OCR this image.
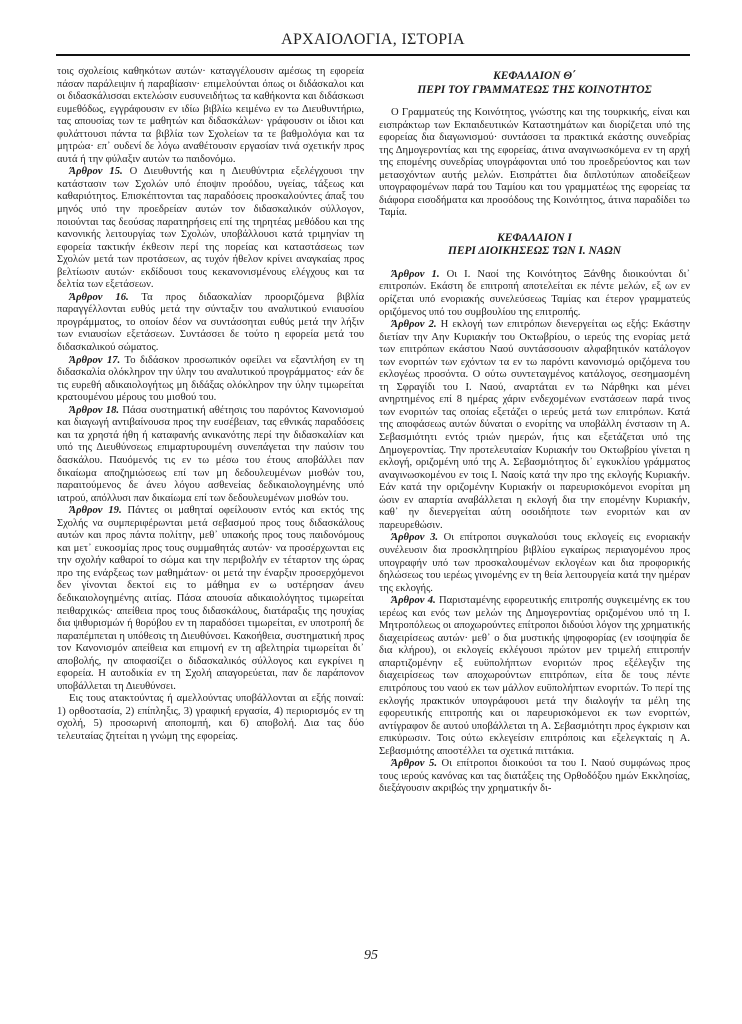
ΑΡΧΑΙΟΛΟΓΙΑ, ΙΣΤΟΡΙΑ

τοις σχολείοις καθηκότων αυτών· καταγγέλουσιν αμέσως τη εφορεία πάσαν παράλειψιν ή παραβίασιν· επιμελούνται όπως οι διδάσκαλοι και οι διδασκάλισσαι εκτελώσιν ευσυνειδήτως τα καθήκοντα και διδάσκωσι ευμεθόδως, εγγράφουσιν εν ιδίω βιβλίω κειμένω εν τω Διευθυντήριω, τας απουσίας των τε μαθητών και διδασκάλων· γράφουσιν οι ίδιοι και φυλάττουσι πάντα τα βιβλία των Σχολείων τα τε βαθμολόγια και τα μητρώα· επ᾽ ουδενί δε λόγω αναθέτουσιν εργασίαν τινά σχετικήν προς αυτά ή την φύλαξιν αυτών τω παιδονόμω.

Άρθρον 15. Ο Διευθυντής και η Διευθύντρια εξελέγχουσι την κατάστασιν των Σχολών υπό έποψιν προόδου, υγείας, τάξεως και καθαριότητος. Επισκέπτονται τας παραδόσεις προσκαλούντες άπαξ του μηνός υπό την προεδρείαν αυτών τον διδασκαλικόν σύλλογον, ποιούνται τας δεούσας παρατηρήσεις επί της τηρητέας μεθόδου και της κανονικής λειτουργίας των Σχολών, υποβάλλουσι κατά τριμηνίαν τη εφορεία τακτικήν έκθεσιν περί της πορείας και καταστάσεως των Σχολών μετά των προτάσεων, ας τυχόν ήθελον κρίνει αναγκαίας προς βελτίωσιν αυτών· εκδίδουσι τους κεκανονισμένους ελέγχους και τα δελτία των εξετάσεων.

Άρθρον 16. Τα προς διδασκαλίαν προοριζόμενα βιβλία παραγγέλλονται ευθύς μετά την σύνταξιν του αναλυτικού ενιαυσίου προγράμματος, το οποίον δέον να συντάσσηται ευθύς μετά την λήξιν των ενιαυσίων εξετάσεων. Συντάσσει δε τούτο η εφορεία μετά του διδασκαλικού σώματος.

Άρθρον 17. Το διδάσκον προσωπικόν οφείλει να εξαντλήση εν τη διδασκαλία ολόκληρον την ύλην του αναλυτικού προγράμματος· εάν δε τις ευρεθή αδικαιολογήτως μη διδάξας ολόκληρον την ύλην τιμωρείται κρατουμένου μέρους του μισθού του.

Άρθρον 18. Πάσα συστηματική αθέτησις του παρόντος Κανονισμού και διαγωγή αντιβαίνουσα προς την ευσέβειαν, τας εθνικάς παραδόσεις και τα χρηστά ήθη ή καταφανής ανικανότης περί την διδασκαλίαν και υπό της Διευθύνσεως επιμαρτυρουμένη συνεπάγεται την παύσιν του δασκάλου. Παυόμενός τις εν τω μέσω του έτους αποβάλλει παν δικαίωμα αποζημιώσεως επί των μη δεδουλευμένων μισθών του, παραιτούμενος δε άνευ λόγου ασθενείας δεδικαιολογημένης υπό ιατρού, απόλλυσι παν δικαίωμα επί των δεδουλευμένων μισθών του.

Άρθρον 19. Πάντες οι μαθηταί οφείλουσιν εντός και εκτός της Σχολής να συμπεριφέρωνται μετά σεβασμού προς τους διδασκάλους αυτών και προς πάντα πολίτην, μεθ᾽ υπακοής προς τους παιδονόμους και μετ᾽ ευκοσμίας προς τους συμμαθητάς αυτών· να προσέρχωνται εις την σχολήν καθαροί το σώμα και την περιβολήν εν τέταρτον της ώρας προ της ενάρξεως των μαθημάτων· οι μετά την έναρξιν προσερχόμενοι δεν γίνονται δεκτοί εις το μάθημα εν ω υστέρησαν άνευ δεδικαιολογημένης αιτίας. Πάσα απουσία αδικαιολόγητος τιμωρείται πειθαρχικώς· απείθεια προς τους διδασκάλους, διατάραξις της ησυχίας δια ψιθυρισμών ή θορύβου εν τη παραδόσει τιμωρείται, εν υποτροπή δε παραπέμπεται η υπόθεσις τη Διευθύνσει. Κακοήθεια, συστηματική προς τον Κανονισμόν απείθεια και επιμονή εν τη αβελτηρία τιμωρείται δι᾽ αποβολής, ην αποφασίζει ο διδασκαλικός σύλλογος και εγκρίνει η εφορεία. Η αυτοδικία εν τη Σχολή απαγορεύεται, παν δε παράπονον υποβάλλεται τη Διευθύνσει.

Εις τους ατακτούντας ή αμελλούντας υποβάλλονται αι εξής ποιναί: 1) ορθοστασία, 2) επίπληξις, 3) γραφική εργασία, 4) περιορισμός εν τη σχολή, 5) προσωρινή αποπομπή, και 6) αποβολή. Δια τας δύο τελευταίας ζητείται η γνώμη της εφορείας.

ΚΕΦΑΛΑΙΟΝ Θ΄
ΠΕΡΙ ΤΟΥ ΓΡΑΜΜΑΤΕΩΣ ΤΗΣ ΚΟΙΝΟΤΗΤΟΣ

Ο Γραμματεύς της Κοινότητος, γνώστης και της τουρκικής, είναι και εισπράκτωρ των Εκπαιδευτικών Καταστημάτων και διορίζεται υπό της εφορείας δια διαγωνισμού· συντάσσει τα πρακτικά εκάστης συνεδρίας της Δημογεροντίας και της εφορείας, άτινα αναγινωσκόμενα εν τη αρχή της επομένης συνεδρίας υπογράφονται υπό του προεδρεύοντος και των μετασχόντων αυτής μελών. Εισπράττει δια διπλοτύπων αποδείξεων υπογραφομένων παρά του Ταμίου και του γραμματέως της εφορείας τα διάφορα εισοδήματα και προσόδους της Κοινότητος, άτινα παραδίδει τω Ταμία.

ΚΕΦΑΛΑΙΟΝ Ι
ΠΕΡΙ ΔΙΟΙΚΗΣΕΩΣ ΤΩΝ Ι. ΝΑΩΝ

Άρθρον 1. Οι Ι. Ναοί της Κοινότητος Ξάνθης διοικούνται δι᾽ επιτροπών. Εκάστη δε επιτροπή αποτελείται εκ πέντε μελών, εξ ων εν ορίζεται υπό ενοριακής συνελεύσεως Ταμίας και έτερον γραμματεύς οριζόμενος υπό του συμβουλίου της επιτροπής.

Άρθρον 2. Η εκλογή των επιτρόπων διενεργείται ως εξής: Εκάστην διετίαν την Αην Κυριακήν του Οκτωβρίου, ο ιερεύς της ενορίας μετά των επιτρόπων εκάστου Ναού συντάσσουσιν αλφαβητικόν κατάλογον των ενοριτών των εχόντων τα εν τω παρόντι κανονισμώ οριζόμενα του εκλογέως προσόντα. Ο ούτω συντεταγμένος κατάλογος, σεσημασμένη τη Σφραγίδι του Ι. Ναού, αναρτάται εν τω Νάρθηκι και μένει ανηρτημένος επί 8 ημέρας χάριν ενδεχομένων ενστάσεων παρά τινος των ενοριτών τας οποίας εξετάζει ο ιερεύς μετά των επιτρόπων. Κατά της αποφάσεως αυτών δύναται ο ενορίτης να υποβάλλη ένστασιν τη Α. Σεβασμιότητι εντός τριών ημερών, ήτις και εξετάζεται υπό της Δημογεροντίας. Την προτελευταίαν Κυριακήν του Οκτωβρίου γίνεται η εκλογή, οριζομένη υπό της Α. Σεβασμιότητος δι᾽ εγκυκλίου γράμματος αναγινωσκομένου εν τοις Ι. Ναοίς κατά την προ της εκλογής Κυριακήν. Εάν κατά την οριζομένην Κυριακήν οι παρευρισκόμενοι ενορίται μη ώσιν εν απαρτία αναβάλλεται η εκλογή δια την επομένην Κυριακήν, καθ᾽ ην διενεργείται αύτη οσοιδήποτε των ενοριτών και αν παρευρεθώσιν.

Άρθρον 3. Οι επίτροποι συγκαλούσι τους εκλογείς εις ενοριακήν συνέλευσιν δια προσκλητηρίου βιβλίου εγκαίρως περιαγομένου προς υπογραφήν υπό των προσκαλουμένων εκλογέων και δια προφορικής δηλώσεως του ιερέως γινομένης εν τη θεία λειτουργεία κατά την ημέραν της εκλογής.

Άρθρον 4. Παρισταμένης εφορευτικής επιτροπής συγκειμένης εκ του ιερέως και ενός των μελών της Δημογεροντίας οριζομένου υπό τη Ι. Μητροπόλεως οι αποχωρούντες επίτροποι διδούσι λόγον της χρηματικής διαχειρίσεως αυτών· μεθ᾽ ο δια μυστικής ψηφοφορίας (εν ισοψηφία δε δια κλήρου), οι εκλογείς εκλέγουσι πρώτον μεν τριμελή επιτροπήν απαρτιζομένην εξ ευϋπολήπτων ενοριτών προς εξέλεγξιν της διαχειρίσεως των αποχωρούντων επιτρόπων, είτα δε τους πέντε επιτρόπους του ναού εκ των μάλλον ευϋπολήπτων ενοριτών. Το περί της εκλογής πρακτικόν υπογράφουσι μετά την διαλογήν τα μέλη της εφορευτικής επιτροπής και οι παρευρισκόμενοι εκ των ενοριτών, αντίγραφον δε αυτού υποβάλλεται τη Α. Σεβασμιότητι προς έγκρισιν και επικύρωσιν. Τοις ούτω εκλεγείσιν επιτρόποις και εξελεγκταίς η Α. Σεβασμιότης αποστέλλει τα σχετικά πιττάκια.

Άρθρον 5. Οι επίτροποι διοικούσι τα του Ι. Ναού συμφώνως προς τους ιερούς κανόνας και τας διατάξεις της Ορθοδόξου ημών Εκκλησίας, διεξάγουσιν ακριβώς την χρηματικήν δι-

95
